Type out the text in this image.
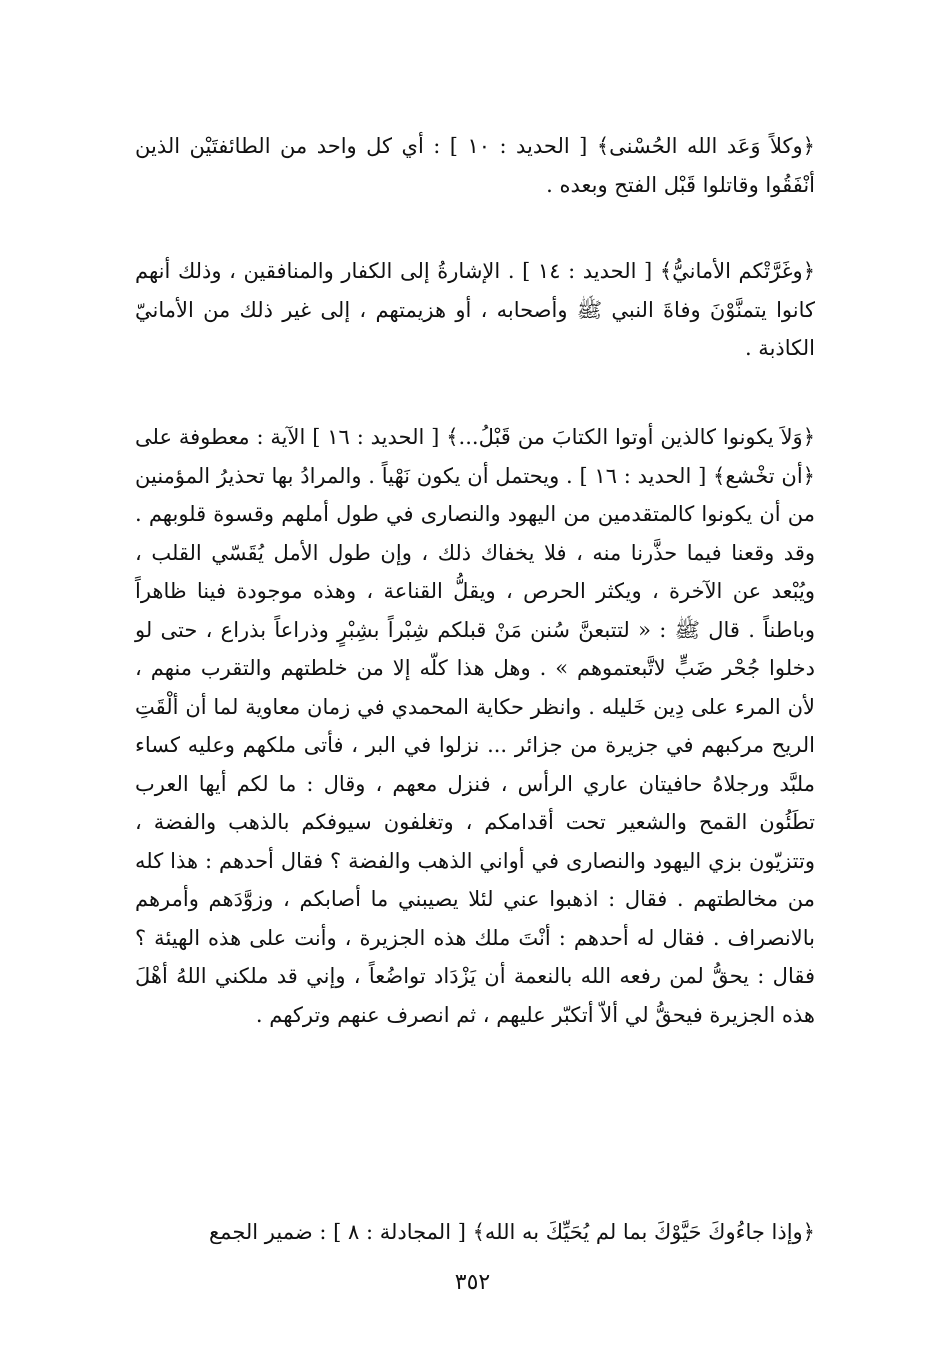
﴿وكلاً وَعَد الله الحُسْنى﴾ [ الحديد : ١٠ ] : أي كل واحد من الطائفتَيْن الذين أنْفَقُوا وقاتلوا قَبْل الفتح وبعده .

﴿وغَرَّتْكم الأمانيُّ﴾ [ الحديد : ١٤ ] . الإشارةُ إلى الكفار والمنافقين ، وذلك أنهم كانوا يتمنَّوْنَ وفاةَ النبي ﷺ وأصحابه ، أو هزيمتهم ، إلى غير ذلك من الأمانيّ الكاذبة .

﴿وَلاَ يكونوا كالذين أوتوا الكتابَ من قَبْلُ...﴾ [ الحديد : ١٦ ] الآية : معطوفة على ﴿أن تخْشع﴾ [ الحديد : ١٦ ] . ويحتمل أن يكون نَهْياً . والمرادُ بها تحذيرُ المؤمنين من أن يكونوا كالمتقدمين من اليهود والنصارى في طول أملهم وقسوة قلوبهم . وقد وقعنا فيما حذَّرنا منه ، فلا يخفاك ذلك ، وإن طول الأمل يُقَسّي القلب ، ويُبْعد عن الآخرة ، ويكثر الحرص ، ويقلُّ القناعة ، وهذه موجودة فينا ظاهراً وباطناً . قال ﷺ : « لتتبعنَّ سُنن مَنْ قبلكم شِبْراً بشِبْرٍ وذراعاً بذراع ، حتى لو دخلوا جُحْر ضَبٍّ لاتَّبعتموهم » . وهل هذا كلّه إلا من خلطتهم والتقرب منهم ، لأن المرء على دِين خَليله . وانظر حكاية المحمدي في زمان معاوية لما أن ألْقَتِ الريح مركبهم في جزيرة من جزائر ... نزلوا في البر ، فأتى ملكهم وعليه كساء ملبَّد ورجلاهُ حافيتان عاري الرأس ، فنزل معهم ، وقال : ما لكم أيها العرب تطَئُون القمح والشعير تحت أقدامكم ، وتغلفون سيوفكم بالذهب والفضة ، وتتزيّون بزي اليهود والنصارى في أواني الذهب والفضة ؟ فقال أحدهم : هذا كله من مخالطتهم . فقال : اذهبوا عني لئلا يصيبني ما أصابكم ، وزوَّدَهم وأمرهم بالانصراف . فقال له أحدهم : أنْتَ ملك هذه الجزيرة ، وأنت على هذه الهيئة ؟ فقال : يحقُّ لمن رفعه الله بالنعمة أن يَزْدَاد تواضُعاً ، وإني قد ملكني اللهُ أهْلَ هذه الجزيرة فيحقُّ لي ألاّ أتكبّر عليهم ، ثم انصرف عنهم وتركهم .

﴿وإذا جاءُوكَ حَيَّوْكَ بما لم يُحَيِّكَ به الله﴾ [ المجادلة : ٨ ] : ضمير الجمع

٣٥٢
